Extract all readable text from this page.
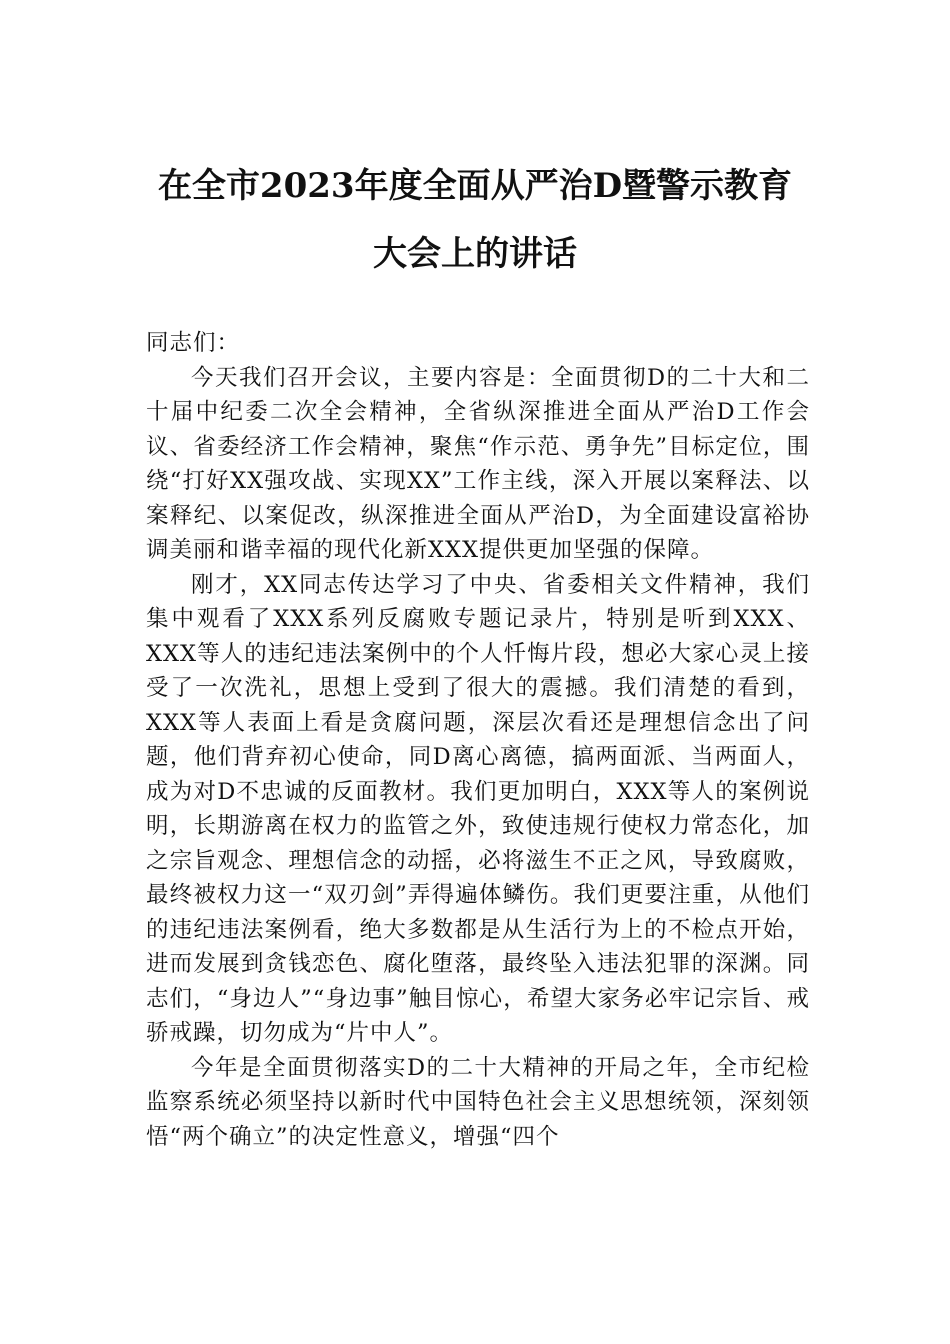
在全市2023年度全面从严治D暨警示教育
大会上的讲话

同志们：

今天我们召开会议，主要内容是：全面贯彻D的二十大和二十届中纪委二次全会精神，全省纵深推进全面从严治D工作会议、省委经济工作会精神，聚焦“作示范、勇争先”目标定位，围绕“打好XX强攻战、实现XX”工作主线，深入开展以案释法、以案释纪、以案促改，纵深推进全面从严治D，为全面建设富裕协调美丽和谐幸福的现代化新XXX提供更加坚强的保障。

刚才，XX同志传达学习了中央、省委相关文件精神，我们集中观看了XXX系列反腐败专题记录片，特别是听到XXX、XXX等人的违纪违法案例中的个人忏悔片段，想必大家心灵上接受了一次洗礼，思想上受到了很大的震撼。我们清楚的看到，XXX等人表面上看是贪腐问题，深层次看还是理想信念出了问题，他们背弃初心使命，同D离心离德，搞两面派、当两面人，成为对D不忠诚的反面教材。我们更加明白，XXX等人的案例说明，长期游离在权力的监管之外，致使违规行使权力常态化，加之宗旨观念、理想信念的动摇，必将滋生不正之风，导致腐败，最终被权力这一“双刃剑”弄得遍体鳞伤。我们更要注重，从他们的违纪违法案例看，绝大多数都是从生活行为上的不检点开始，进而发展到贪钱恋色、腐化堕落，最终坠入违法犯罪的深渊。同志们，“身边人”“身边事”触目惊心，希望大家务必牢记宗旨、戒骄戒躁，切勿成为“片中人”。

今年是全面贯彻落实D的二十大精神的开局之年，全市纪检监察系统必须坚持以新时代中国特色社会主义思想统领，深刻领悟“两个确立”的决定性意义，增强“四个
